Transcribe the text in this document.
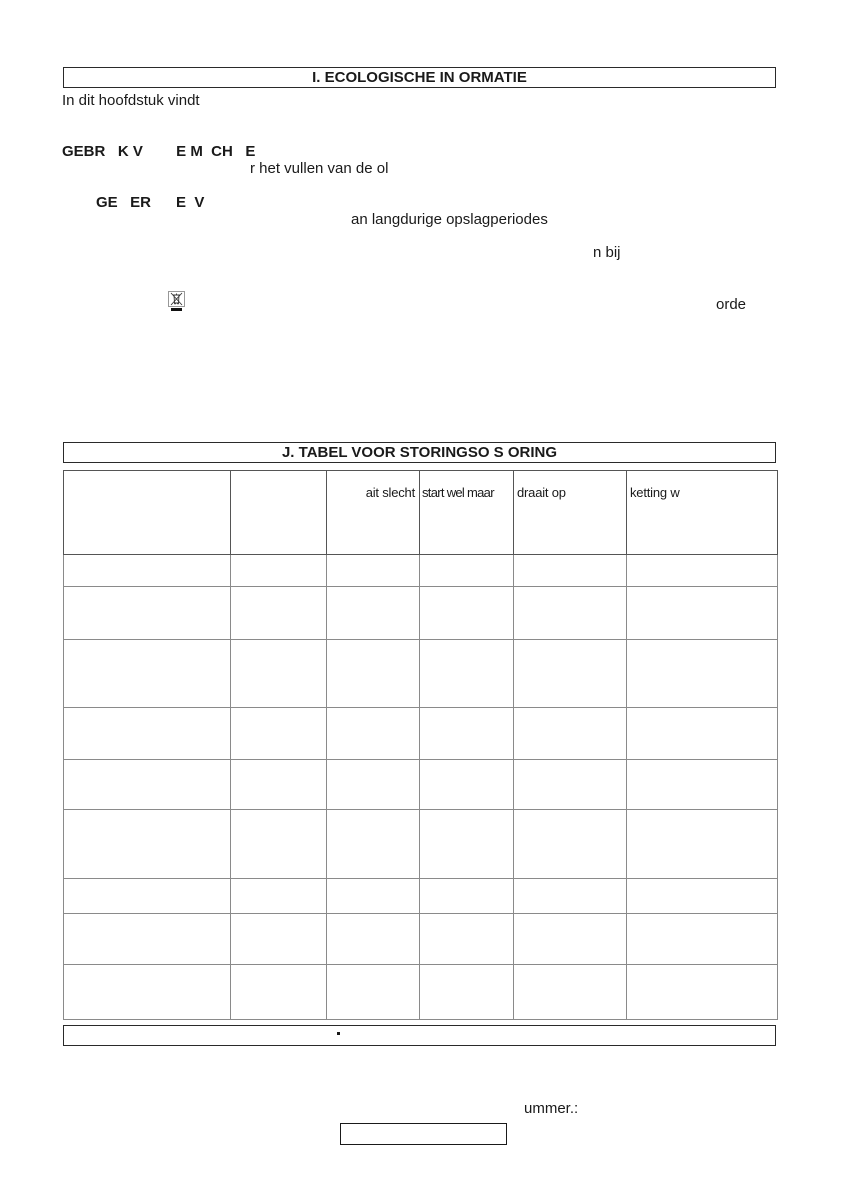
I. ECOLOGISCHE IN ORMATIE
In dit hoofdstuk vindt
GEBR   K V        E M  CH   E
r het vullen van de ol
GE   ER      E  V
an langdurige opslagperiodes
n bij
orde
J. TABEL VOOR STORINGSO S ORING
		ait slecht	start wel maar	draait op	ketting w

ummer.:
